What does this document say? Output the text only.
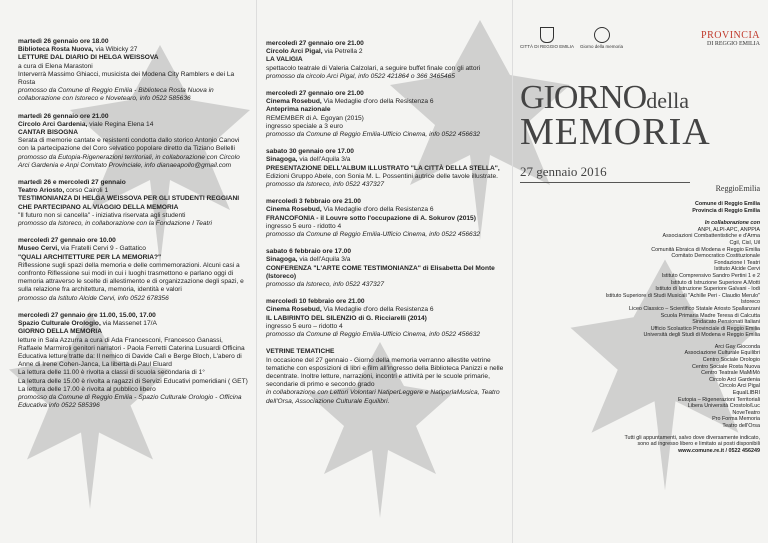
martedì 26 gennaio ore 18.00
Biblioteca Rosta Nuova, via Wibicky 27
LETTURE DAL DIARIO DI HELGA WEISSOVA
a cura di Elena Marastoni
Interverrà Massimo Ghiacci, musicista dei Modena City Ramblers e dei La Rosta
promosso da Comune di Reggio Emilia - Biblioteca Rosta Nuova in collaborazione con Istoreco e Novetearo, info 0522 585636
martedì 26 gennaio ore 21.00
Circolo Arci Gardenia, viale Regina Elena 14
CANTAR BISOGNA
Serata di memorie cantate e resistenti condotta dallo storico Antonio Canovi con la partecipazione del Coro selvatico popolare diretto da Tiziano Bellelli
promosso da Eutopia-Rigenerazioni territoriali, in collaborazione con Circolo Arci Gardenia e Anpi Comitato Provinciale, info dianaeapollo@gmail.com
martedì 26 e mercoledì 27 gennaio
Teatro Ariosto, corso Cairoli 1
TESTIMONIANZA DI HELGA WEISSOVA PER GLI STUDENTI REGGIANI CHE PARTECIPANO AL VIAGGIO DELLA MEMORIA
"Il futuro non si cancella" - iniziativa riservata agli studenti
promosso da Istoreco, in collaborazione con la Fondazione I Teatri
mercoledì 27 gennaio ore 10.00
Museo Cervi, via Fratelli Cervi 9 - Gattatico
"QUALI ARCHITETTURE PER LA MEMORIA?"
Riflessione sugli spazi della memoria e delle commemorazioni. Alcuni casi a confronto Riflessione sui modi in cui i luoghi trasmettono e parlano oggi di memoria attraverso le scelte di allestimento e di organizzazione degli spazi, e sulla relazione fra architettura, memoria, identità e valori
promosso da Istituto Alcide Cervi, info 0522 678356
mercoledì 27 gennaio ore 11.00, 15.00, 17.00
Spazio Culturale Orologio, via Massenet 17/A
GIORNO DELLA MEMORIA
letture in Sala Azzurra a cura di Ada Francesconi, Francesco Ganassi, Raffaele Marmiroli genitori narratori - Paola Ferretti Caterina Lusuardi Officina Educativa letture tratte da: Il nemico di Davide Calì e Berge Bloch, L'abero di Anne di Irene Cohen-Janca, La libertà di Paul Eluard
La lettura delle 11.00 è rivolta a classi di scuola secondaria di 1°
La lettura delle 15.00 è rivolta a ragazzi di Servizi Educativi pomeridiani ( GET)
La lettura delle 17.00 è rivolta al pubblico libero
promosso da Comune di Reggio Emilia - Spazio Culturale Orologio - Officina Educativa info 0522 585396
mercoledì 27 gennaio ore 21.00
Circolo Arci Pigal, via Petrella 2
LA VALIGIA
spettacolo teatrale di Valeria Calzolari, a seguire buffet finale con gli attori
promosso da circolo Arci Pigal, info 0522 421864 o 366 3465465
mercoledì 27 gennaio ore 21.00
Cinema Rosebud, Via Medaglie d'oro della Resistenza 6
Anteprima nazionale
REMEMBER di A. Egoyan (2015)
ingresso speciale a 3 euro
promosso da Comune di Reggio Emilia-Ufficio Cinema, info 0522 456632
sabato 30 gennaio ore 17.00
Sinagoga, via dell'Aquila 3/a
PRESENTAZIONE DELL'ALBUM ILLUSTRATO "LA CITTÀ DELLA STELLA",
Edizioni Gruppo Abele, con Sonia M. L. Possentini autrice delle tavole illustrate.
promosso da Istoreco, info 0522 437327
mercoledì 3 febbraio ore 21.00
Cinema Rosebud, Via Medaglie d'oro della Resistenza 6
FRANCOFONIA - il Louvre sotto l'occupazione di A. Sokurov (2015)
ingresso 5 euro - ridotto 4
promosso da Comune di Reggio Emilia-Ufficio Cinema, info 0522 456632
sabato 6 febbraio ore 17.00
Sinagoga, via dell'Aquila 3/a
CONFERENZA "L'ARTE COME TESTIMONIANZA" di Elisabetta Del Monte (Istoreco)
promosso da Istoreco, info 0522 437327
mercoledì 10 febbraio ore 21.00
Cinema Rosebud, Via Medaglie d'oro della Resistenza 6
IL LABIRINTO DEL SILENZIO di G. Ricciarelli (2014)
ingresso 5 euro – ridotto 4
promosso da Comune di Reggio Emilia-Ufficio Cinema, info 0522 456632
VETRINE TEMATICHE
In occasione del 27 gennaio - Giorno della memoria verranno allestite vetrine tematiche con esposizioni di libri e film all'ingresso della Biblioteca Panizzi e nelle decentrate. Inoltre letture, narrazioni, incontri e attività per le scuole primarie, secondarie di primo e secondo grado
in collaborazione con Lettori Volontari NatiperLeggere e NatiperlaMusica, Teatro dell'Orsa, Associazione Culturale Equilibri.
CITTÀ DI REGGIO EMILIA Giorno della memoria
PROVINCIA
DI REGGIO EMILIA
GIORNOdella
MEMORIA
27 gennaio 2016
ReggioEmilia
Comune di Reggio Emilia
Provincia di Reggio Emilia
In collaborazione con
ANPI, ALPI-APC, ANPPIA
Associazioni Combattentistiche e d'Arma
Cgil, Cisl, Uil
Comunità Ebraica di Modena e Reggio Emilia
Comitato Democratico Costituzionale
Fondazione I Teatri
Istituto Alcide Cervi
Istituto Comprensivo Sandro Pertini 1 e 2
Istituto di Istruzione Superiore A.Motti
Istituto di Istruzione Superiore Galvani - Iodi
Istituto Superiore di Studi Musicali "Achille Peri - Claudio Merulo"
Istoreco
Liceo Classico – Scientifico Statale Ariosto Spallanzani
Scuola Primaria Madre Teresa di Calcutta
Sindacato Pensionati Italiani
Ufficio Scolastico Provinciale di Reggio Emilia
Università degli Studi di Modena e Reggio Emilia
Arci Gay Gioconda
Associazione Culturale Equilibri
Centro Sociale Orologio
Centro Sociale Rosta Nuova
Centro Teatrale MaMiMò
Circolo Arci Gardenia
Circolo Arci Pigal
EqualLIBRI
Eutopia – Rigenerazioni Territoriali
Libera Università Crostolo/Luc
NoveTeatro
Pro Forma Memoria
Teatro dell'Orsa
Tutti gli appuntamenti, salvo dove diversamente indicato,
sono ad ingresso libero e limitato ai posti disponibili
www.comune.re.it / 0522 456249
